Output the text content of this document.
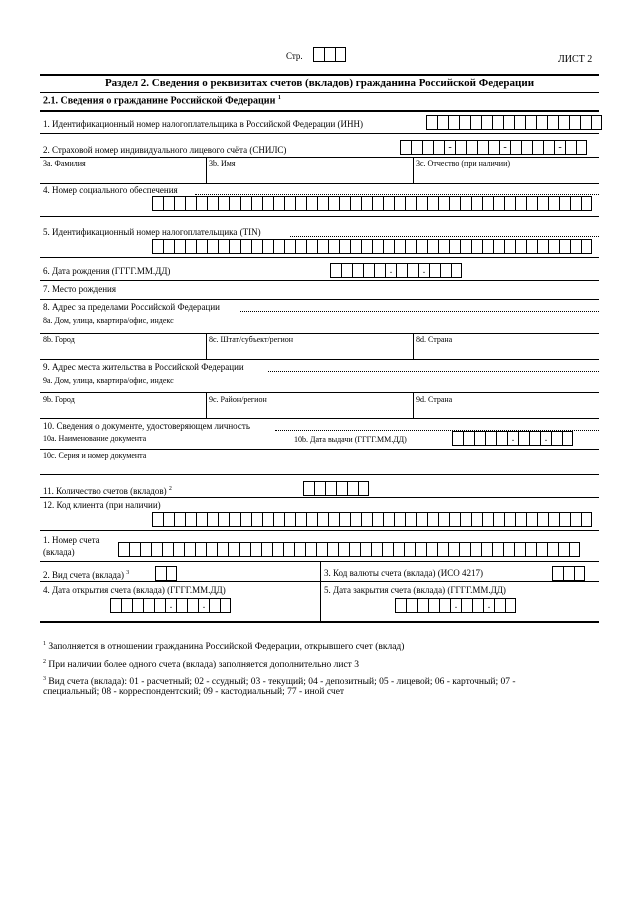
Стр.	ЛИСТ 2
Раздел 2. Сведения о реквизитах счетов (вкладов) гражданина Российской Федерации
2.1. Сведения о гражданине Российской Федерации $^1$
1. Идентификационный номер налогоплательщика в Российской Федерации (ИНН)
2. Страховой номер индивидуального лицевого счёта (СНИЛС)	-	-	-
3a. Фамилия	3b. Имя	3c. Отчество (при наличии)
4. Номер социального обеспечения
5. Идентификационный номер налогоплательщика (TIN)
6. Дата рождения (ГГГГ.ММ.ДД)	.	.
7. Место рождения
8. Адрес за пределами Российской Федерации
8a. Дом, улица, квартира/офис, индекс
8b. Город	8c. Штат/субъект/регион	8d. Страна
9. Адрес места жительства в Российской Федерации
9a. Дом, улица, квартира/офис, индекс
9b. Город	9c. Район/регион	9d. Страна
10. Сведения о документе, удостоверяющем личность
10a. Наименование документа	10b. Дата выдачи (ГГГГ.ММ.ДД)	.	.
10c. Серия и номер документа
11. Количество счетов (вкладов) $^2$
12. Код клиента (при наличии)
1. Номер счета
(вклада)
2. Вид счета (вклада) $^3$	3. Код валюты счета (вклада) (ИСО 4217)
4. Дата открытия счета (вклада) (ГГГГ.ММ.ДД)
.	.
5. Дата закрытия счета (вклада) (ГГГГ.ММ.ДД)
.	.
$^1$ Заполняется в отношении гражданина Российской Федерации, открывшего счет (вклад)
$^2$ При наличии более одного счета (вклада) заполняется дополнительно лист 3
$^3$ Вид счета (вклада): 01 - расчетный; 02 - ссудный; 03 - текущий; 04 - депозитный; 05 - лицевой; 06 - карточный; 07 -
специальный; 08 - корреспондентский; 09 - кастодиальный; 77 - иной счет
